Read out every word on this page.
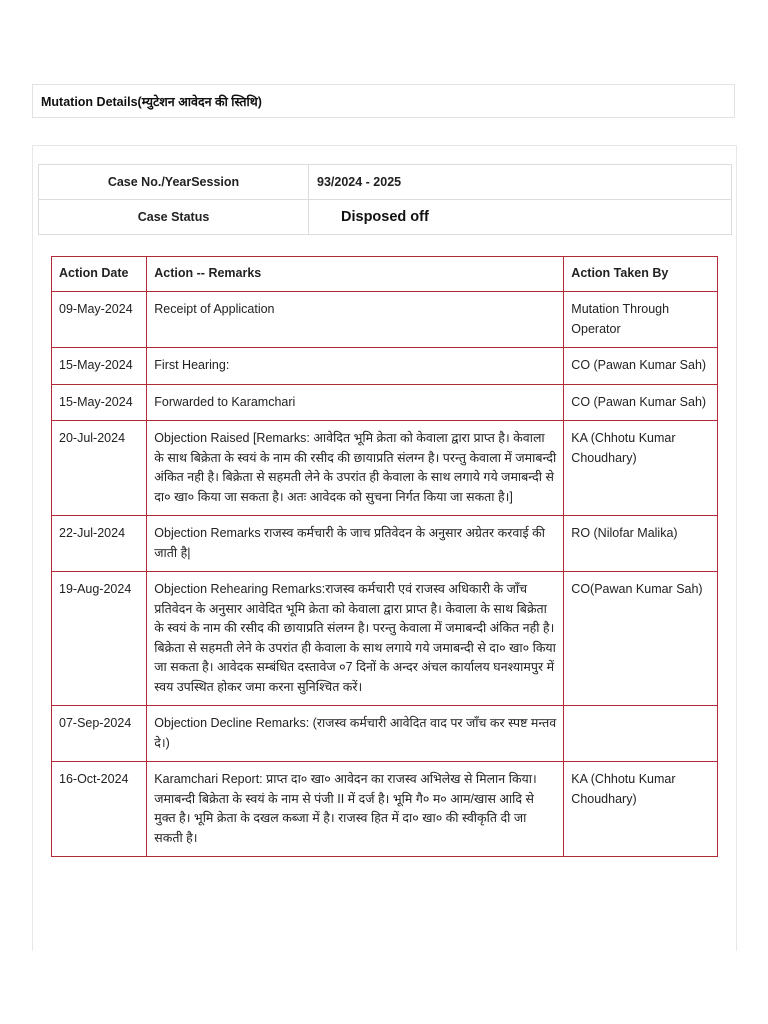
Mutation Details(म्युटेशन आवेदन की स्तिथि)
Case No./YearSession	93/2024 - 2025
Case Status	Disposed off
Action Date	Action -- Remarks	Action Taken By
09-May-2024	Receipt of Application	Mutation Through Operator
15-May-2024	First Hearing:	CO (Pawan Kumar Sah)
15-May-2024	Forwarded to Karamchari	CO (Pawan Kumar Sah)
20-Jul-2024	Objection Raised [Remarks: आवेदित भूमि क्रेता को केवाला द्वारा प्राप्त है। केवाला के साथ बिक्रेता के स्वयं के नाम की रसीद की छायाप्रति संलग्न है। परन्तु केवाला में जमाबन्दी अंकित नही है। बिक्रेता से सहमती लेने के उपरांत ही केवाला के साथ लगाये गये जमाबन्दी से दा० खा० किया जा सकता है। अतः आवेदक को सुचना निर्गत किया जा सकता है।]	KA (Chhotu Kumar Choudhary)
22-Jul-2024	Objection Remarks राजस्व कर्मचारी के जाच प्रतिवेदन के अनुसार अग्रेतर करवाई की जाती है|	RO (Nilofar Malika)
19-Aug-2024	Objection Rehearing Remarks:राजस्व कर्मचारी एवं राजस्व अधिकारी के जाँच प्रतिवेदन के अनुसार आवेदित भूमि क्रेता को केवाला द्वारा प्राप्त है। केवाला के साथ बिक्रेता के स्वयं के नाम की रसीद की छायाप्रति संलग्न है। परन्तु केवाला में जमाबन्दी अंकित नही है। बिक्रेता से सहमती लेने के उपरांत ही केवाला के साथ लगाये गये जमाबन्दी से दा० खा० किया जा सकता है। आवेदक सम्बंधित दस्तावेज ०7 दिनों के अन्दर अंचल कार्यालय घनश्यामपुर में स्वय उपस्थित होकर जमा करना सुनिश्चित करें।	CO(Pawan Kumar Sah)
07-Sep-2024	Objection Decline Remarks: (राजस्व कर्मचारी आवेदित वाद पर जाँच कर स्पष्ट मन्तव दे।)	
16-Oct-2024	Karamchari Report: प्राप्त दा० खा० आवेदन का राजस्व अभिलेख से मिलान किया। जमाबन्दी बिक्रेता के स्वयं के नाम से पंजी II में दर्ज है। भूमि गै० म० आम/खास आदि से मुक्त है। भूमि क्रेता के दखल कब्जा में है। राजस्व हित में दा० खा० की स्वीकृति दी जा सकती है।	KA (Chhotu Kumar Choudhary)
